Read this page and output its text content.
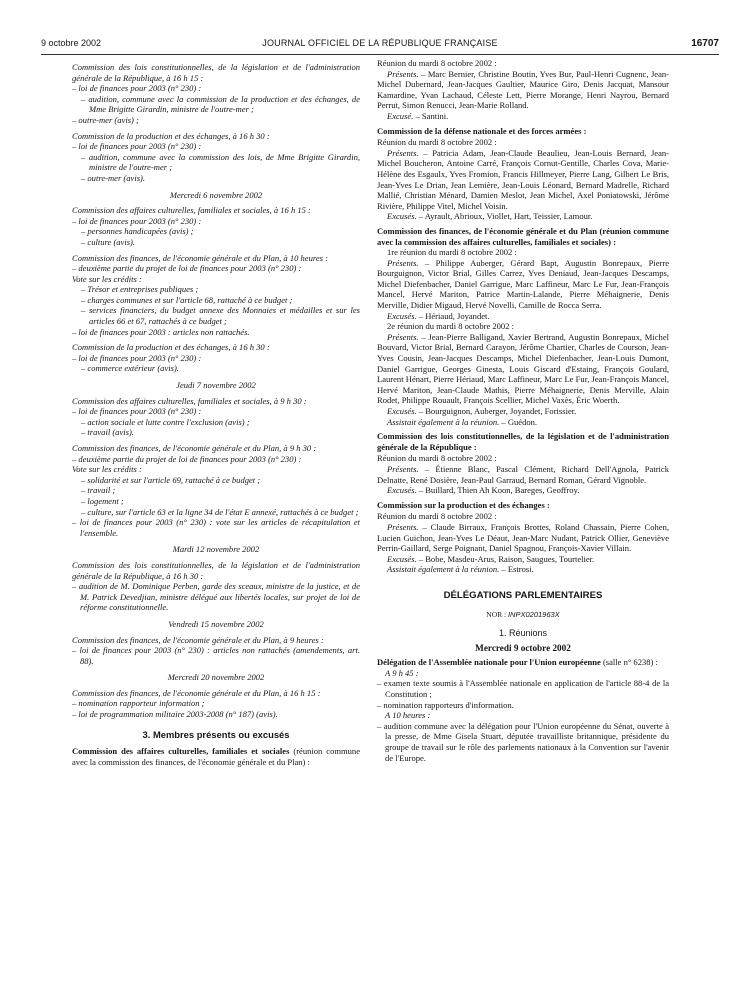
9 octobre 2002	JOURNAL OFFICIEL DE LA RÉPUBLIQUE FRANÇAISE	16707

Commission des lois constitutionnelles, de la législation et de l'administration générale de la République, à 16 h 15 :

– loi de finances pour 2003 (n° 230) :

– audition, commune avec la commission de la production et des échanges, de Mme Brigitte Girardin, ministre de l'outre-mer ;

– outre-mer (avis) ;

Commission de la production et des échanges, à 16 h 30 :

– loi de finances pour 2003 (n° 230) :

– audition, commune avec la commission des lois, de Mme Brigitte Girardin, ministre de l'outre-mer ;

– outre-mer (avis).

Mercredi 6 novembre 2002

Commission des affaires culturelles, familiales et sociales, à 16 h 15 :

– loi de finances pour 2003 (n° 230) :

– personnes handicapées (avis) ;

– culture (avis).

Commission des finances, de l'économie générale et du Plan, à 10 heures :

– deuxième partie du projet de loi de finances pour 2003 (n° 230) :

Vote sur les crédits :

– Trésor et entreprises publiques ;

– charges communes et sur l'article 68, rattaché à ce budget ;

– services financiers, du budget annexe des Monnaies et médailles et sur les articles 66 et 67, rattachés à ce budget ;

– loi de finances pour 2003 : articles non rattachés.

Commission de la production et des échanges, à 16 h 30 :

– loi de finances pour 2003 (n° 230) :

– commerce extérieur (avis).

Jeudi 7 novembre 2002

Commission des affaires culturelles, familiales et sociales, à 9 h 30 :

– loi de finances pour 2003 (n° 230) :

– action sociale et lutte contre l'exclusion (avis) ;

– travail (avis).

Commission des finances, de l'économie générale et du Plan, à 9 h 30 :

– deuxième partie du projet de loi de finances pour 2003 (n° 230) :

Vote sur les crédits :

– solidarité et sur l'article 69, rattaché à ce budget ;

– travail ;

– logement ;

– culture, sur l'article 63 et la ligne 34 de l'état E annexé, rattachés à ce budget ;

– loi de finances pour 2003 (n° 230) : vote sur les articles de récapitulation et l'ensemble.

Mardi 12 novembre 2002

Commission des lois constitutionnelles, de la législation et de l'administration générale de la République, à 16 h 30 :

– audition de M. Dominique Perben, garde des sceaux, ministre de la justice, et de M. Patrick Devedjian, ministre délégué aux libertés locales, sur projet de loi de réforme constitutionnelle.

Vendredi 15 novembre 2002

Commission des finances, de l'économie générale et du Plan, à 9 heures :

– loi de finances pour 2003 (n° 230) : articles non rattachés (amendements, art. 88).

Mercredi 20 novembre 2002

Commission des finances, de l'économie générale et du Plan, à 16 h 15 :

– nomination rapporteur information ;

– loi de programmation militaire 2003-2008 (n° 187) (avis).

3. Membres présents ou excusés

Commission des affaires culturelles, familiales et sociales (réunion commune avec la commission des finances, de l'économie générale et du Plan) :

Réunion du mardi 8 octobre 2002 :

Présents. – Marc Bernier, Christine Boutin, Yves Bur, Paul-Henri Cugnenc, Jean-Michel Dubernard, Jean-Jacques Gaultier, Maurice Giro, Denis Jacquat, Mansour Kamardine, Yvan Lachaud, Céleste Lett, Pierre Morange, Henri Nayrou, Bernard Perrut, Simon Renucci, Jean-Marie Rolland.

Excusé. – Santini.

Commission de la défense nationale et des forces armées :

Réunion du mardi 8 octobre 2002 :

Présents. – Patricia Adam, Jean-Claude Beaulieu, Jean-Louis Bernard, Jean-Michel Boucheron, Antoine Carré, François Cornut-Gentille, Charles Cova, Marie-Hélène des Esgaulx, Yves Fromion, Francis Hillmeyer, Pierre Lang, Gilbert Le Bris, Jean-Yves Le Drian, Jean Lemière, Jean-Louis Léonard, Bernard Madrelle, Richard Mallié, Christian Ménard, Damien Meslot, Jean Michel, Axel Poniatowski, Jérôme Rivière, Philippe Vitel, Michel Voisin.

Excusés. – Ayrault, Abrioux, Viollet, Hart, Teissier, Lamour.

Commission des finances, de l'économie générale et du Plan (réunion commune avec la commission des affaires culturelles, familiales et sociales) :

1re réunion du mardi 8 octobre 2002 :

Présents. – Philippe Auberger, Gérard Bapt, Augustin Bonrepaux, Pierre Bourguignon, Victor Brial, Gilles Carrez, Yves Deniaud, Jean-Jacques Descamps, Michel Diefenbacher, Daniel Garrigue, Marc Laffineur, Marc Le Fur, Jean-François Mancel, Hervé Mariton, Patrice Martin-Lalande, Pierre Méhaignerie, Denis Merville, Didier Migaud, Hervé Novelli, Camille de Rocca Serra.

Excusés. – Hériaud, Joyandet.

2e réunion du mardi 8 octobre 2002 :

Présents. – Jean-Pierre Balligand, Xavier Bertrand, Augustin Bonrepaux, Michel Bouvard, Victor Brial, Bernard Carayon, Jérôme Chartier, Charles de Courson, Jean-Yves Cousin, Jean-Jacques Descamps, Michel Diefenbacher, Jean-Louis Dumont, Daniel Garrigue, Georges Ginesta, Louis Giscard d'Estaing, François Goulard, Laurent Hénart, Pierre Hériaud, Marc Laffineur, Marc Le Fur, Jean-François Mancel, Hervé Mariton, Jean-Claude Mathis, Pierre Méhaignerie, Denis Merville, Alain Rodet, Philippe Rouault, François Scellier, Michel Vaxès, Éric Woerth.

Excusés. – Bourguignon, Auberger, Joyandet, Forissier.

Assistait également à la réunion. – Guédon.

Commission des lois constitutionnelles, de la législation et de l'administration générale de la République :

Réunion du mardi 8 octobre 2002 :

Présents. – Étienne Blanc, Pascal Clément, Richard Dell'Agnola, Patrick Delnatte, René Dosière, Jean-Paul Garraud, Bernard Roman, Gérard Vignoble.

Excusés. – Buillard, Thien Ah Koon, Bareges, Geoffroy.

Commission sur la production et des échanges :

Réunion du mardi 8 octobre 2002 :

Présents. – Claude Birraux, François Brottes, Roland Chassain, Pierre Cohen, Lucien Guichon, Jean-Yves Le Déaut, Jean-Marc Nudant, Patrick Ollier, Geneviève Perrin-Gaillard, Serge Poignant, Daniel Spagnou, François-Xavier Villain.

Excusés. – Bobe, Masdeu-Arus, Raison, Saugues, Tourtelier.

Assistait également à la réunion. – Estrosi.

DÉLÉGATIONS PARLEMENTAIRES

NOR : INPX0201963X

1. Réunions

Mercredi 9 octobre 2002

Délégation de l'Assemblée nationale pour l'Union européenne (salle n° 6238) :

A 9 h 45 :

– examen texte soumis à l'Assemblée nationale en application de l'article 88-4 de la Constitution ;

– nomination rapporteurs d'information.

A 10 heures :

– audition commune avec la délégation pour l'Union européenne du Sénat, ouverte à la presse, de Mme Gisela Stuart, députée travailliste britannique, présidente du groupe de travail sur le rôle des parlements nationaux à la Convention sur l'avenir de l'Europe.
